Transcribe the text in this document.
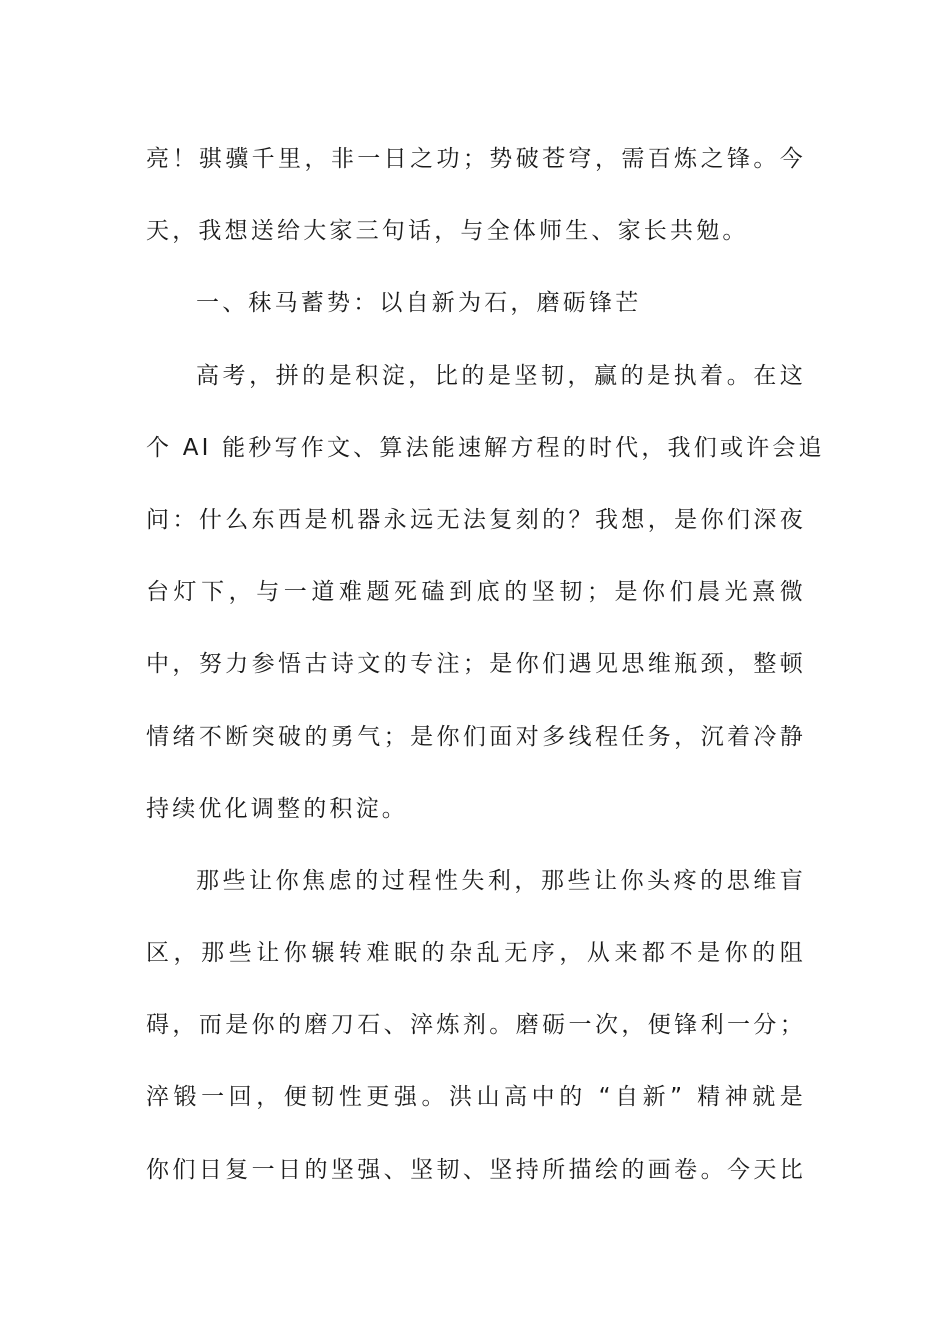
亮！骐骥千里，非一日之功；势破苍穹，需百炼之锋。今
天，我想送给大家三句话，与全体师生、家长共勉。
一、秣马蓄势：以自新为石，磨砺锋芒
高考，拼的是积淀，比的是坚韧，赢的是执着。在这
个 AI 能秒写作文、算法能速解方程的时代，我们或许会追
问：什么东西是机器永远无法复刻的？我想，是你们深夜
台灯下，与一道难题死磕到底的坚韧；是你们晨光熹微
中，努力参悟古诗文的专注；是你们遇见思维瓶颈，整顿
情绪不断突破的勇气；是你们面对多线程任务，沉着冷静
持续优化调整的积淀。
那些让你焦虑的过程性失利，那些让你头疼的思维盲
区，那些让你辗转难眠的杂乱无序，从来都不是你的阻
碍，而是你的磨刀石、淬炼剂。磨砺一次，便锋利一分；
淬锻一回，便韧性更强。洪山高中的 “自新” 精神就是
你们日复一日的坚强、坚韧、坚持所描绘的画卷。今天比
